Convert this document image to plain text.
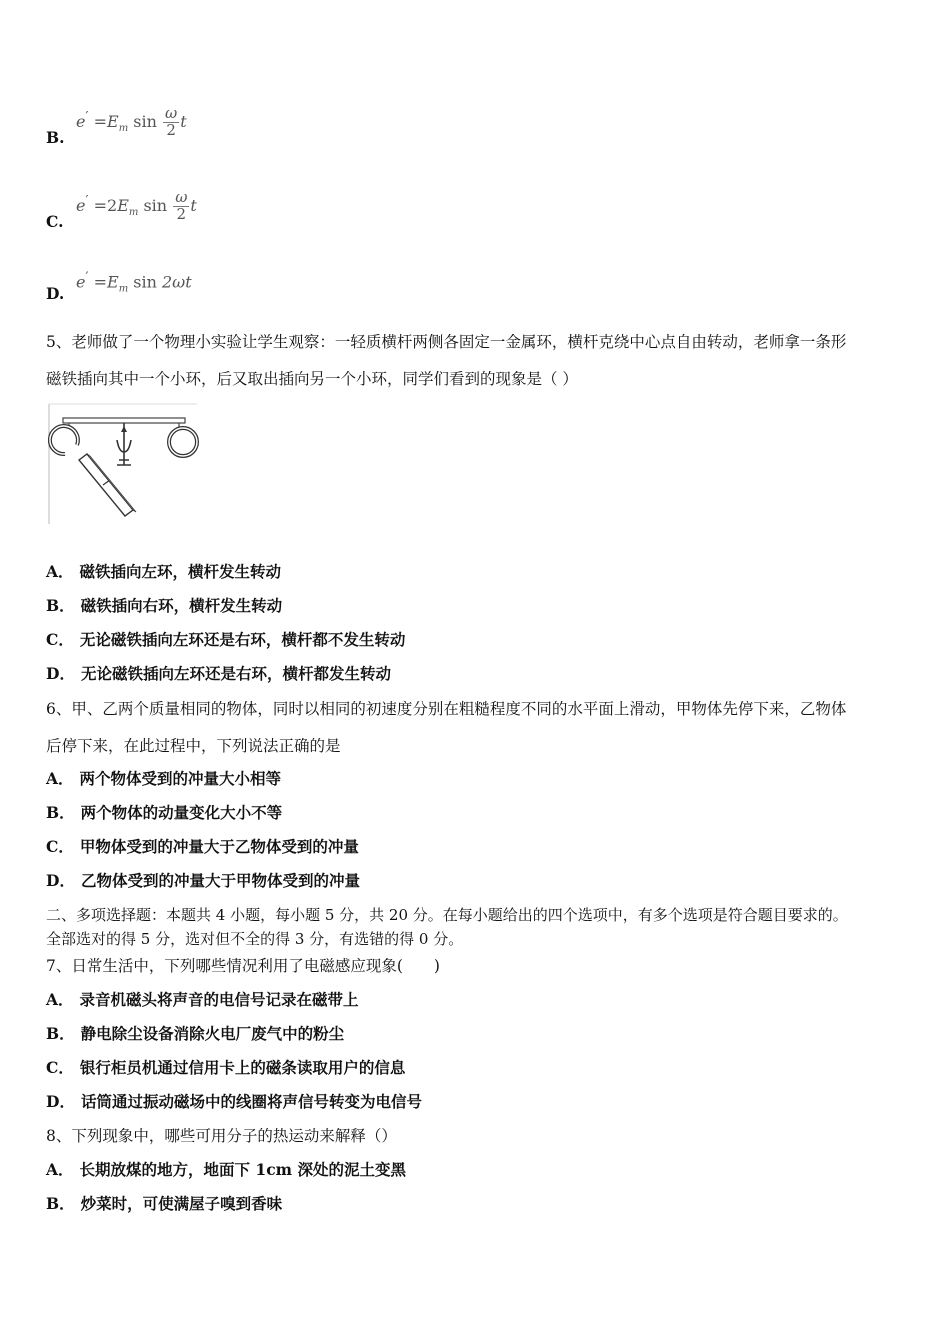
B.
$e' =E_m$ $\sin \frac{\omega}{2}$ t
C.
$e' =2E_m$ $\sin \frac{\omega}{2}$ t
D.
$e' =E_m$ sin 2ωt
5、老师做了一个物理小实验让学生观察：一轻质横杆两侧各固定一金属环，横杆克绕中心点自由转动，老师拿一条形
磁铁插向其中一个小环，后又取出插向另一个小环，同学们看到的现象是（ ）
A． 磁铁插向左环，横杆发生转动
B． 磁铁插向右环，横杆发生转动
C． 无论磁铁插向左环还是右环，横杆都不发生转动
D． 无论磁铁插向左环还是右环，横杆都发生转动
6、甲、乙两个质量相同的物体，同时以相同的初速度分别在粗糙程度不同的水平面上滑动，甲物体先停下来，乙物体
后停下来，在此过程中，下列说法正确的是
A． 两个物体受到的冲量大小相等
B． 两个物体的动量变化大小不等
C． 甲物体受到的冲量大于乙物体受到的冲量
D． 乙物体受到的冲量大于甲物体受到的冲量
二、多项选择题：本题共 4 小题，每小题 5 分，共 20 分。在每小题给出的四个选项中，有多个选项是符合题目要求的。
全部选对的得 5 分，选对但不全的得 3 分，有选错的得 0 分。
7、日常生活中，下列哪些情况利用了电磁感应现象(　　)
A． 录音机磁头将声音的电信号记录在磁带上
B． 静电除尘设备消除火电厂废气中的粉尘
C． 银行柜员机通过信用卡上的磁条读取用户的信息
D． 话筒通过振动磁场中的线圈将声信号转变为电信号
8、下列现象中，哪些可用分子的热运动来解释（）
A． 长期放煤的地方，地面下 1cm 深处的泥土变黑
B． 炒菜时，可使满屋子嗅到香味
